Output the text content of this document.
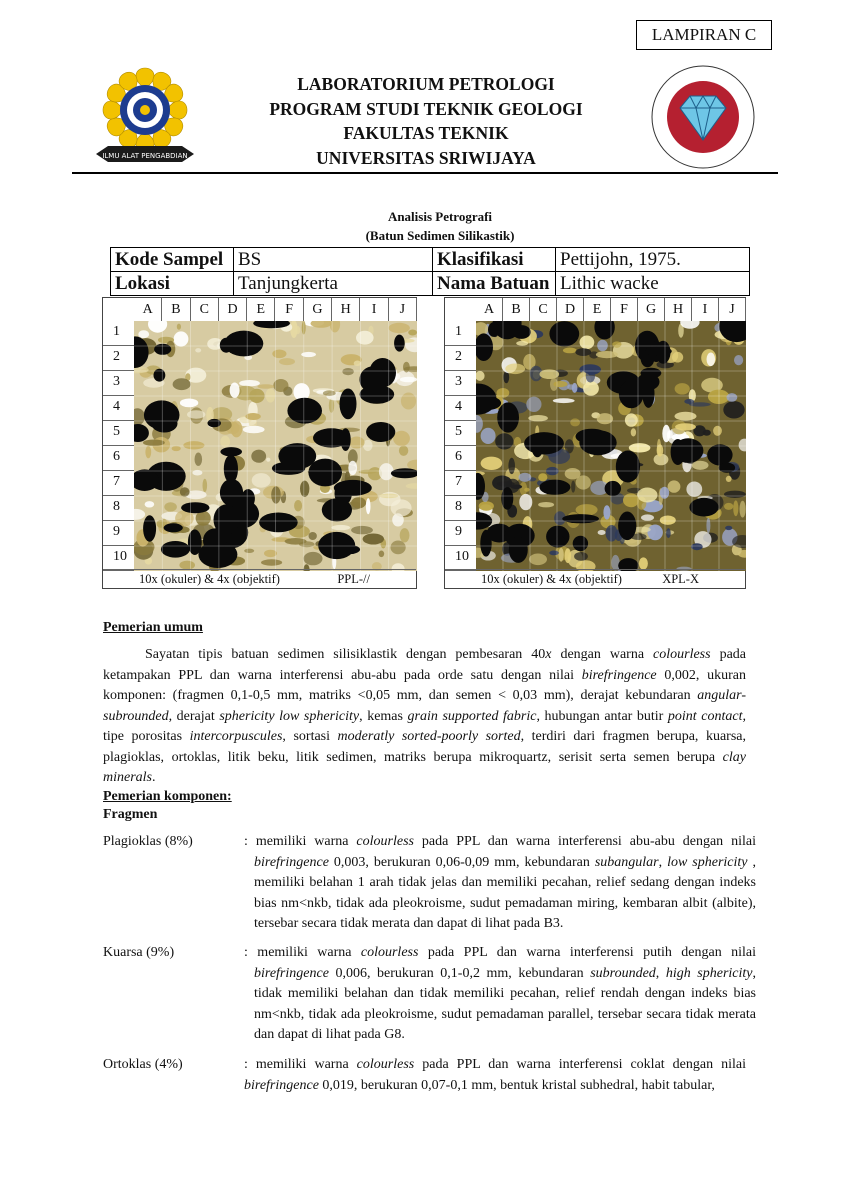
LAMPIRAN C
ILMU ALAT PENGABDIAN
LABORATORIUM PETROLOGI
PROGRAM STUDI TEKNIK GEOLOGI
FAKULTAS TEKNIK
UNIVERSITAS SRIWIJAYA
Analisis Petrografi
(Batun Sedimen Silikastik)
Kode Sampel	BS	Klasifikasi	Pettijohn, 1975.
Lokasi	Tanjungkerta	Nama Batuan	Lithic wacke
A	B	C	D	E	F	G	H	I	J
1
2
3
4
5
6
7
8
9
10
10x (okuler) & 4x (objektif)	PPL-//
A	B	C	D	E	F	G	H	I	J
1
2
3
4
5
6
7
8
9
10
10x (okuler) & 4x (objektif)	XPL-X
Pemerian umum
Sayatan tipis batuan sedimen silisiklastik dengan pembesaran 40x dengan warna colourless pada ketampakan PPL dan warna interferensi abu-abu pada orde satu dengan nilai birefringence 0,002, ukuran komponen: (fragmen 0,1-0,5 mm, matriks <0,05 mm, dan semen < 0,03 mm), derajat kebundaran angular-subrounded, derajat sphericity low sphericity, kemas grain supported fabric, hubungan antar butir point contact, tipe porositas intercorpuscules, sortasi moderatly sorted-poorly sorted, terdiri dari fragmen berupa, kuarsa, plagioklas, ortoklas, litik beku, litik sedimen, matriks berupa mikroquartz, serisit serta semen berupa clay minerals.
Pemerian komponen:
Fragmen
Plagioklas (8%)	: memiliki warna colourless pada PPL dan warna interferensi abu-abu dengan nilai birefringence 0,003, berukuran 0,06-0,09 mm, kebundaran subangular, low sphericity , memiliki belahan 1 arah tidak jelas dan memiliki pecahan, relief sedang dengan indeks bias nm<nkb, tidak ada pleokroisme, sudut pemadaman miring, kembaran albit (albite), tersebar secara tidak merata dan dapat di lihat pada B3.
Kuarsa (9%)	: memiliki warna colourless pada PPL dan warna interferensi putih dengan nilai birefringence 0,006, berukuran 0,1-0,2 mm, kebundaran subrounded, high sphericity, tidak memiliki belahan dan tidak memiliki pecahan, relief rendah dengan indeks bias nm<nkb, tidak ada pleokroisme, sudut pemadaman parallel, tersebar secara tidak merata dan dapat di lihat pada G8.
Ortoklas (4%)	: memiliki warna colourless pada PPL dan warna interferensi coklat dengan nilai birefringence 0,019, berukuran 0,07-0,1 mm, bentuk kristal subhedral, habit tabular,
